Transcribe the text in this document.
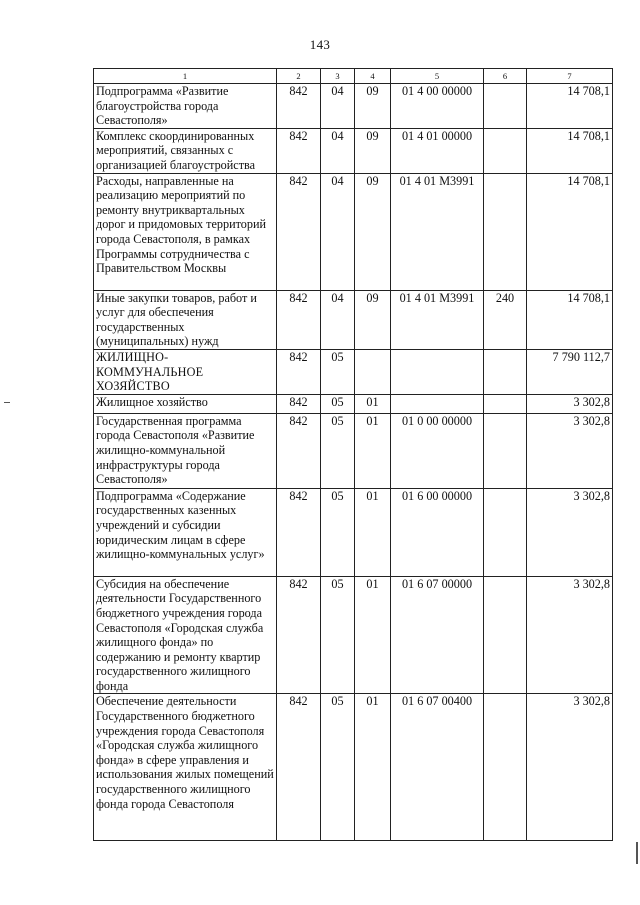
143
1	2	3	4	5	6	7
Подпрограмма «Развитие благоустройства города Севастополя»	842	04	09	01 4 00 00000		14 708,1
Комплекс скоординированных мероприятий, связанных с организацией благоустройства	842	04	09	01 4 01 00000		14 708,1
Расходы, направленные на реализацию мероприятий по ремонту внутриквартальных дорог и придомовых территорий города Севастополя, в рамках Программы сотрудничества с Правительством Москвы	842	04	09	01 4 01 М3991		14 708,1
Иные закупки товаров, работ и услуг для обеспечения государственных (муниципальных) нужд	842	04	09	01 4 01 М3991	240	14 708,1
ЖИЛИЩНО-КОММУНАЛЬНОЕ ХОЗЯЙСТВО	842	05				7 790 112,7
Жилищное хозяйство	842	05	01			3 302,8
Государственная программа города Севастополя «Развитие жилищно-коммунальной инфраструктуры города Севастополя»	842	05	01	01 0 00 00000		3 302,8
Подпрограмма «Содержание государственных казенных учреждений и субсидии юридическим лицам в сфере жилищно-коммунальных услуг»	842	05	01	01 6 00 00000		3 302,8
Субсидия на обеспечение деятельности Государственного бюджетного учреждения города Севастополя «Городская служба жилищного фонда» по содержанию и ремонту квартир государственного жилищного фонда	842	05	01	01 6 07 00000		3 302,8
Обеспечение деятельности Государственного бюджетного учреждения города Севастополя «Городская служба жилищного фонда» в сфере управления и использования жилых помещений государственного жилищного фонда города Севастополя	842	05	01	01 6 07 00400		3 302,8
